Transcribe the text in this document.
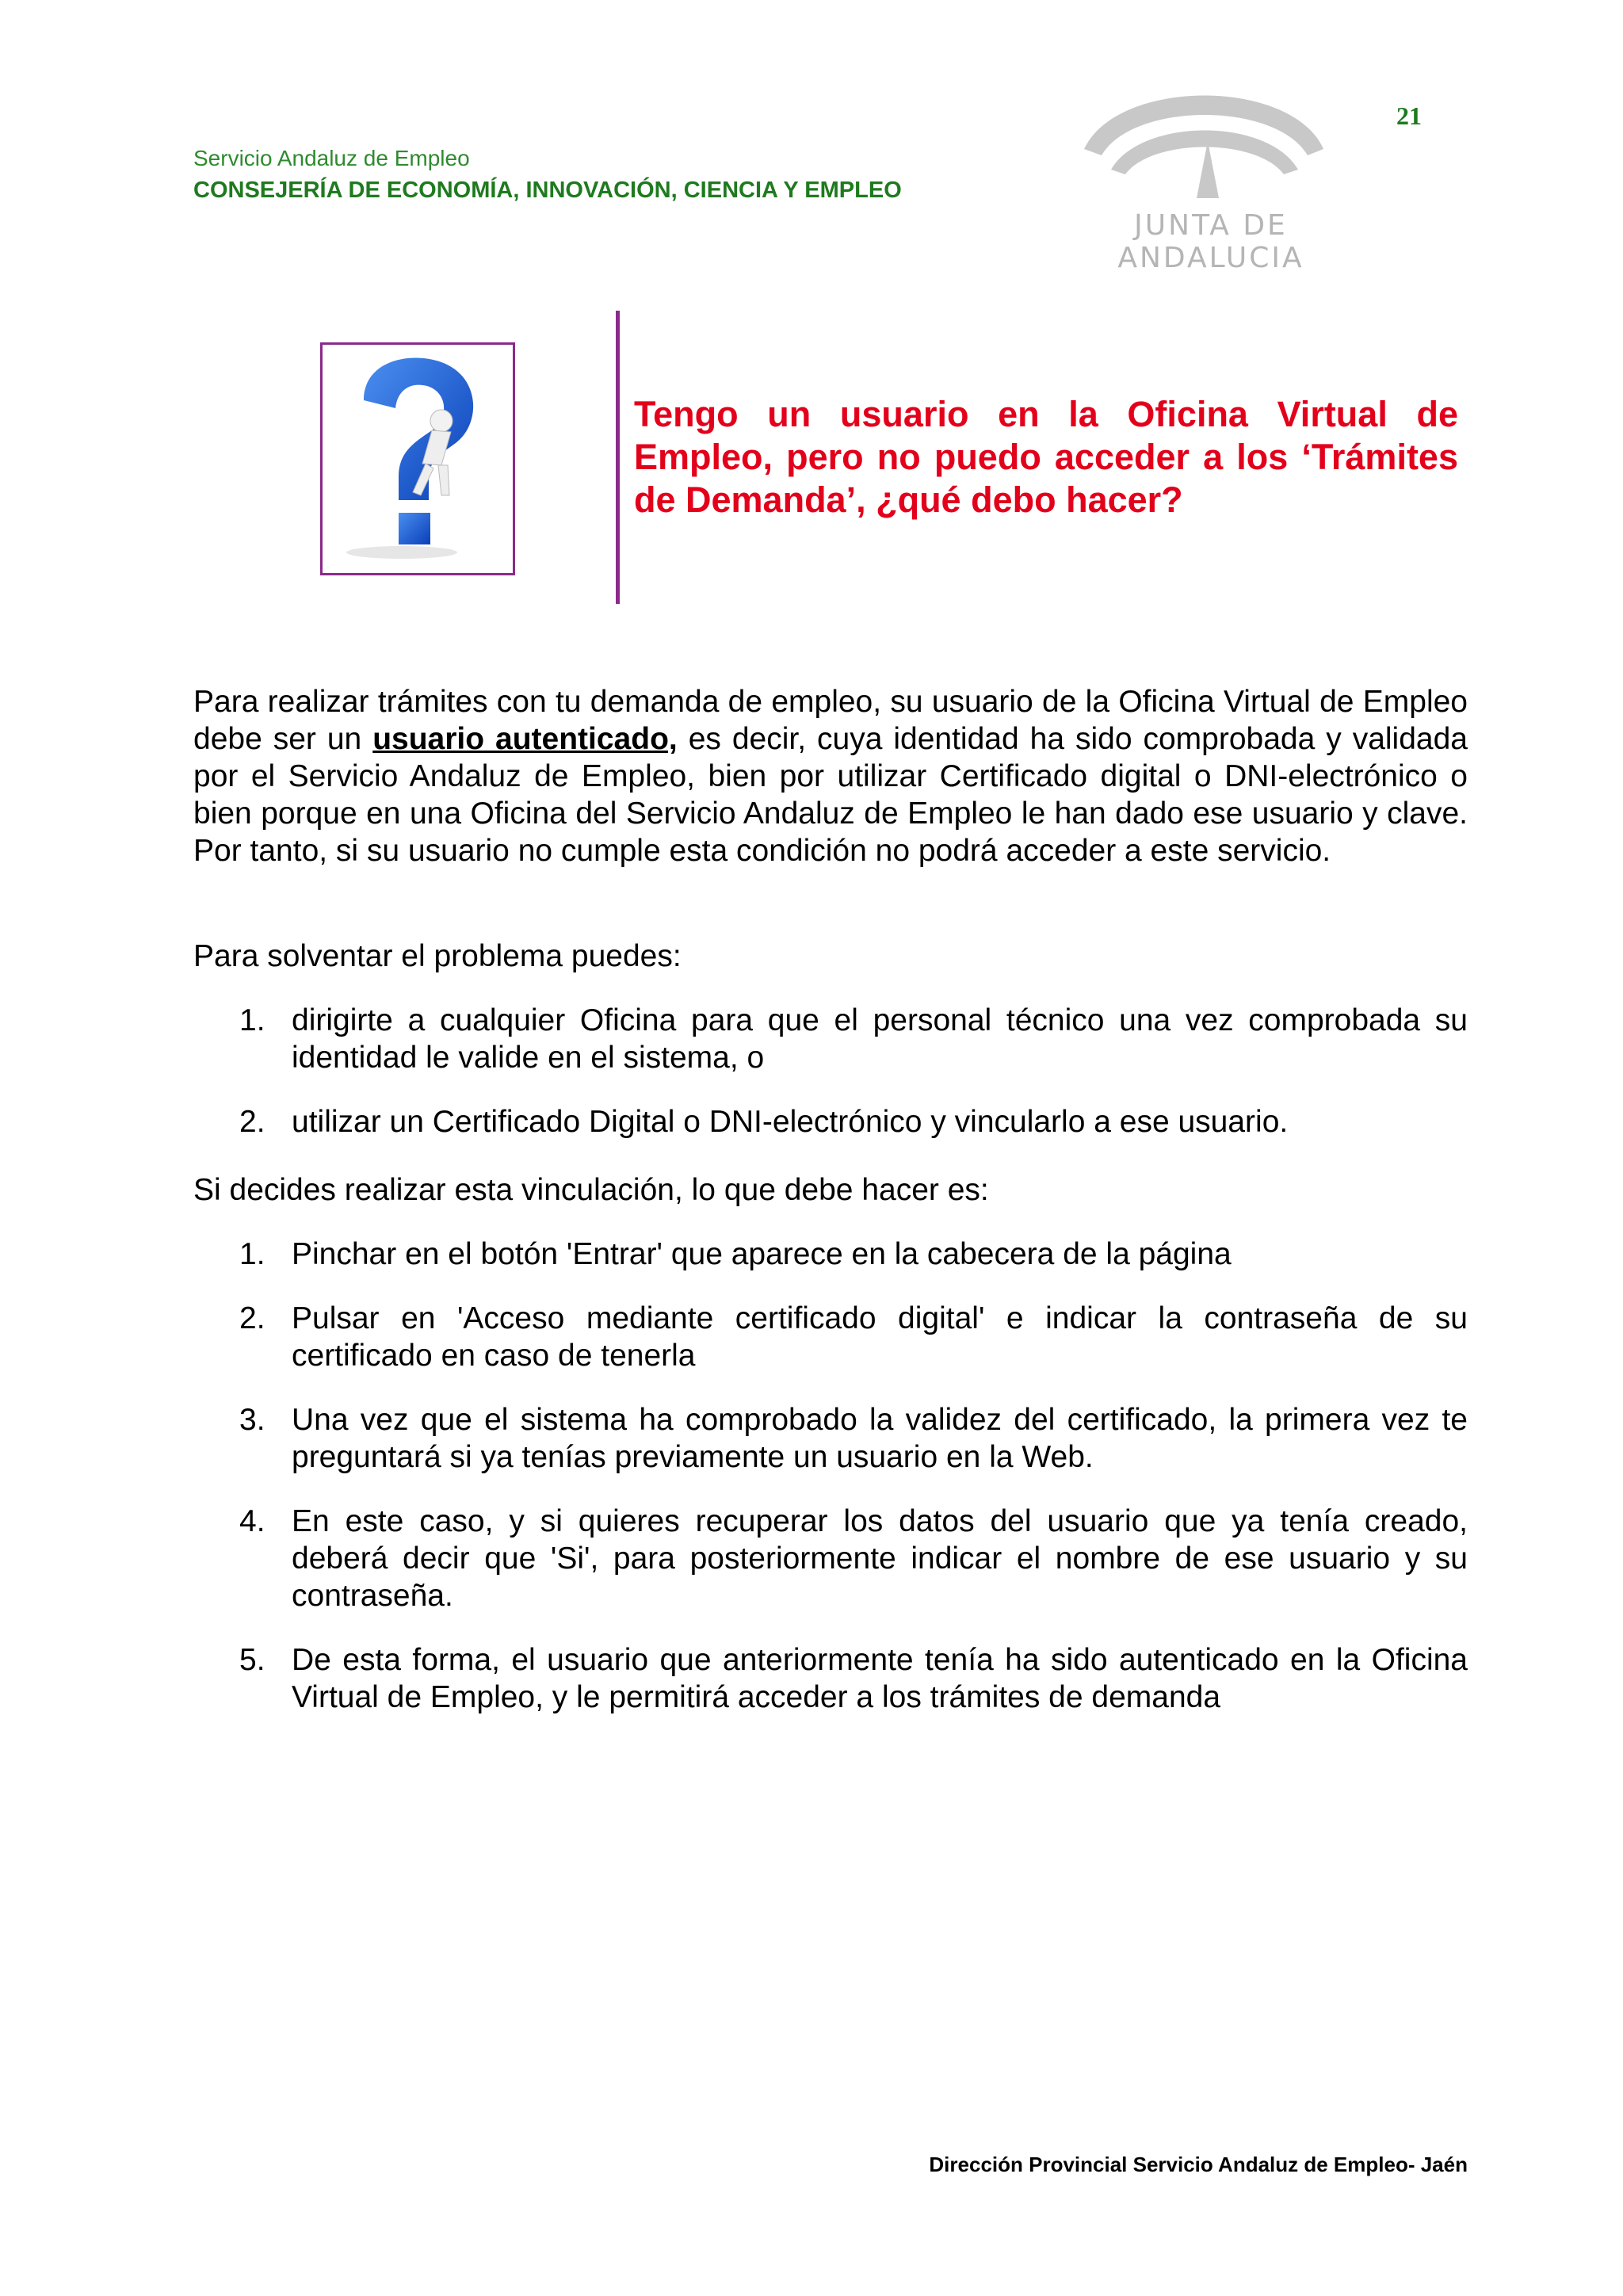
Servicio Andaluz de Empleo
CONSEJERÍA DE ECONOMÍA, INNOVACIÓN, CIENCIA Y EMPLEO
JUNTA DE ANDALUCIA
21
Tengo un usuario en la Oficina Virtual de Empleo, pero no puedo acceder a los ‘Trámites de Demanda’, ¿qué debo hacer?
Para realizar trámites con tu demanda de empleo, su usuario de la Oficina Virtual de Empleo debe ser un usuario autenticado, es decir, cuya identidad ha sido comprobada y validada por el Servicio Andaluz de Empleo, bien por utilizar Certificado digital o DNI-electrónico o bien porque en una Oficina del Servicio Andaluz de Empleo le han dado ese usuario y clave. Por tanto, si su usuario no cumple esta condición no podrá acceder a este servicio.
Para solventar el problema puedes:
1. dirigirte a cualquier Oficina para que el personal técnico una vez comprobada su identidad le valide en el sistema, o
2. utilizar un Certificado Digital o DNI-electrónico y vincularlo a ese usuario.
Si decides realizar esta vinculación, lo que debe hacer es:
1. Pinchar en el botón 'Entrar' que aparece en la cabecera de la página
2. Pulsar en 'Acceso mediante certificado digital' e indicar la contraseña de su certificado en caso de tenerla
3. Una vez que el sistema ha comprobado la validez del certificado, la primera vez te preguntará si ya tenías previamente un usuario en la Web.
4. En este caso, y si quieres recuperar los datos del usuario que ya tenía creado, deberá decir que 'Si', para posteriormente indicar el nombre de ese usuario y su contraseña.
5. De esta forma, el usuario que anteriormente tenía ha sido autenticado en la Oficina Virtual de Empleo, y le permitirá acceder a los trámites de demanda
Dirección Provincial Servicio Andaluz de Empleo- Jaén
